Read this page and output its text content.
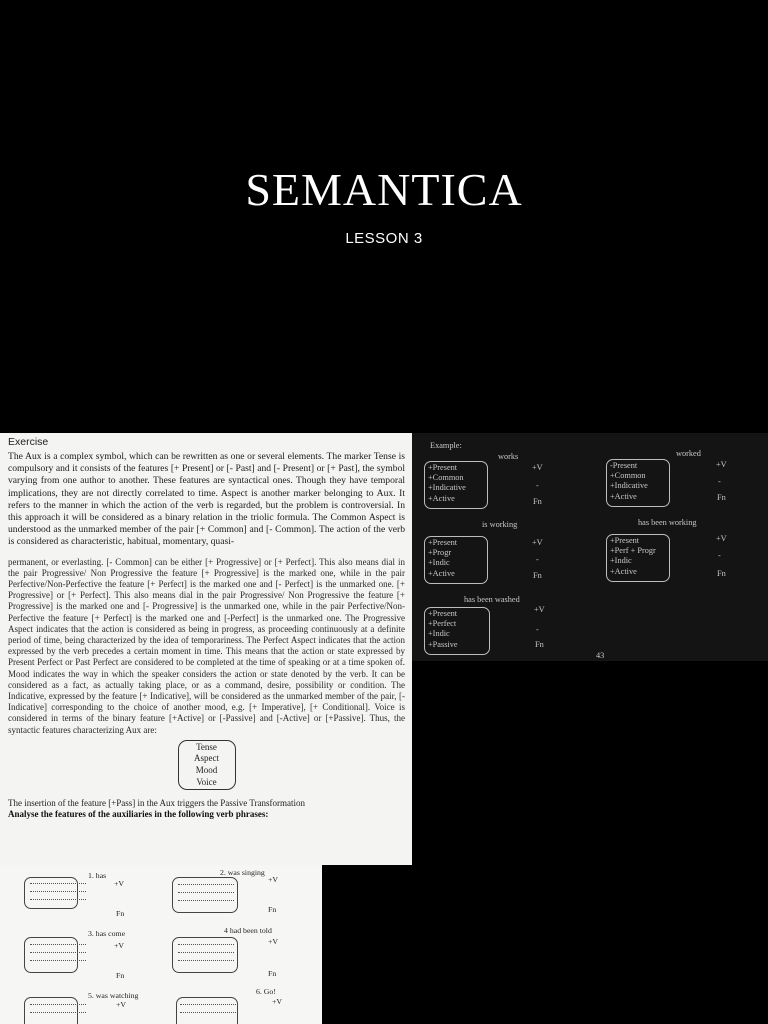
SEMANTICA
LESSON 3
Exercise

The Aux is a complex symbol, which can be rewritten as one or several elements. The marker Tense is compulsory and it consists of the features [+ Present] or [- Past] and [- Present] or [+ Past], the symbol varying from one author to another. These features are syntactical ones. Though they have temporal implications, they are not directly correlated to time. Aspect is another marker belonging to Aux. It refers to the manner in which the action of the verb is regarded, but the problem is controversial. In this approach it will be considered as a binary relation in the triolic formula. The Common Aspect is understood as the unmarked member of the pair [+ Common] and [- Common]. The action of the verb is considered as characteristic, habitual, momentary, quasi-

permanent, or everlasting. [- Common] can be either [+ Progressive] or [+ Perfect]. This also means dial in the pair Progressive/ Non Progressive the feature [+ Progressive] is the marked one, while in the pair Perfective/Non-Perfective the feature [+ Perfect] is the marked one and [- Perfect] is the unmarked one. [+ Progressive] or [+ Perfect]. This also means dial in the pair Progressive/ Non Progressive the feature [+ Progressive] is the marked one and [- Progressive] is the unmarked one, while in the pair Perfective/Non-Perfective the feature [+ Perfect] is the marked one and [-Perfect] is the unmarked one. The Progressive Aspect indicates that the action is considered as being in progress, as proceeding continuously at a definite period of time, being characterized by the idea of temporariness. The Perfect Aspect indicates that the action expressed by the verb precedes a certain moment in time. This means that the action or state expressed by Present Perfect or Past Perfect are considered to be completed at the time of speaking or at a time spoken of. Mood indicates the way in which the speaker considers the action or state denoted by the verb. It can be considered as a fact, as actually taking place, or as a command, desire, possibility or condition. The Indicative, expressed by the feature [+ Indicative], will be considered as the unmarked member of the pair, [-Indicative] corresponding to the choice of another mood, e.g. [+ Imperative], [+ Conditional]. Voice is considered in terms of the binary feature [+Active] or [-Passive] and [-Active] or [+Passive]. Thus, the syntactic features characterizing Aux are:

Tense
Aspect
Mood
Voice
The insertion of the feature [+Pass] in the Aux triggers the Passive Transformation
Analyse the features of the auxiliaries in the following verb phrases:
Example:
works
+Present
+Common
+Indicative
+Active
+V
-
Fn
worked
-Present
+Common
+Indicative
+Active
+V
-
Fn
is working
+Present
+Progr
+Indic
+Active
+V
-
Fn
has been working
+Present
+Perf + Progr
+Indic
+Active
+V
-
Fn
has been washed
+Present
+Perfect
+Indic
+Passive
+V
-
Fn
43
1. has
+V
Fn
2. was singing
+V
Fn
3. has come
+V
Fn
4 had been told
+V
Fn
5. was watching
+V
6. Go!
+V
